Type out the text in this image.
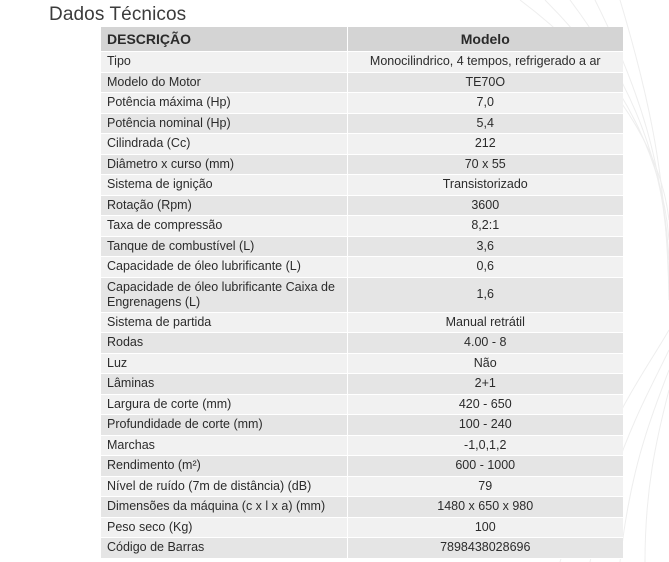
Dados Técnicos
DESCRIÇÃO	Modelo
Tipo	Monocilindrico, 4 tempos, refrigerado a ar
Modelo do Motor	TE70O
Potência máxima (Hp)	7,0
Potência nominal (Hp)	5,4
Cilindrada (Cc)	212
Diâmetro x curso (mm)	70 x 55
Sistema de ignição	Transistorizado
Rotação (Rpm)	3600
Taxa de compressão	8,2:1
Tanque de combustível (L)	3,6
Capacidade de óleo lubrificante (L)	0,6
Capacidade de óleo lubrificante Caixa de Engrenagens (L)	1,6
Sistema de partida	Manual retrátil
Rodas	4.00 - 8
Luz	Não
Lâminas	2+1
Largura de corte (mm)	420 - 650
Profundidade de corte (mm)	100 - 240
Marchas	-1,0,1,2
Rendimento (m²)	600 - 1000
Nível de ruído (7m de distância) (dB)	79
Dimensões da máquina (c x l x a) (mm)	1480 x 650 x 980
Peso seco (Kg)	100
Código de Barras	7898438028696
